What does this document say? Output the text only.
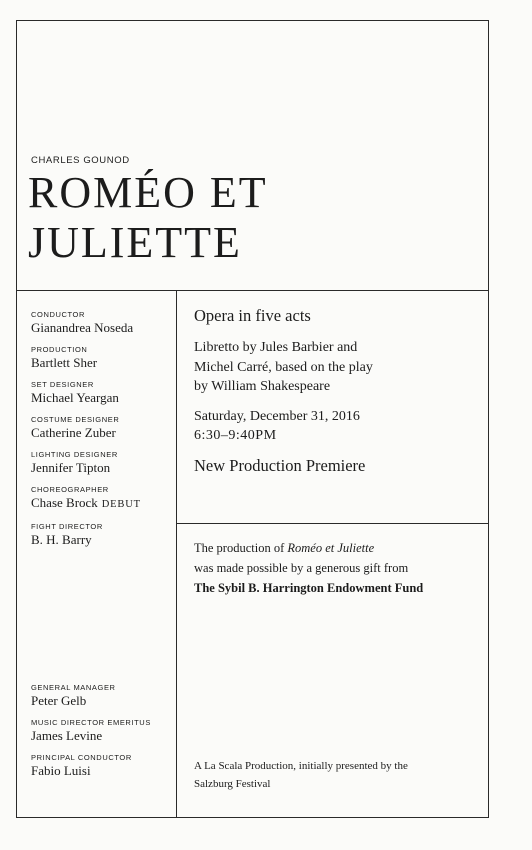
CHARLES GOUNOD
ROMÉO ET
JULIETTE
CONDUCTOR
Gianandrea Noseda
PRODUCTION
Bartlett Sher
SET DESIGNER
Michael Yeargan
COSTUME DESIGNER
Catherine Zuber
LIGHTING DESIGNER
Jennifer Tipton
CHOREOGRAPHER
Chase Brock DEBUT
FIGHT DIRECTOR
B. H. Barry
GENERAL MANAGER
Peter Gelb
MUSIC DIRECTOR EMERITUS
James Levine
PRINCIPAL CONDUCTOR
Fabio Luisi
Opera in five acts
Libretto by Jules Barbier and
Michel Carré, based on the play
by William Shakespeare
Saturday, December 31, 2016
6:30–9:40PM
New Production Premiere
The production of Roméo et Juliette
was made possible by a generous gift from
The Sybil B. Harrington Endowment Fund
A La Scala Production, initially presented by the
Salzburg Festival
